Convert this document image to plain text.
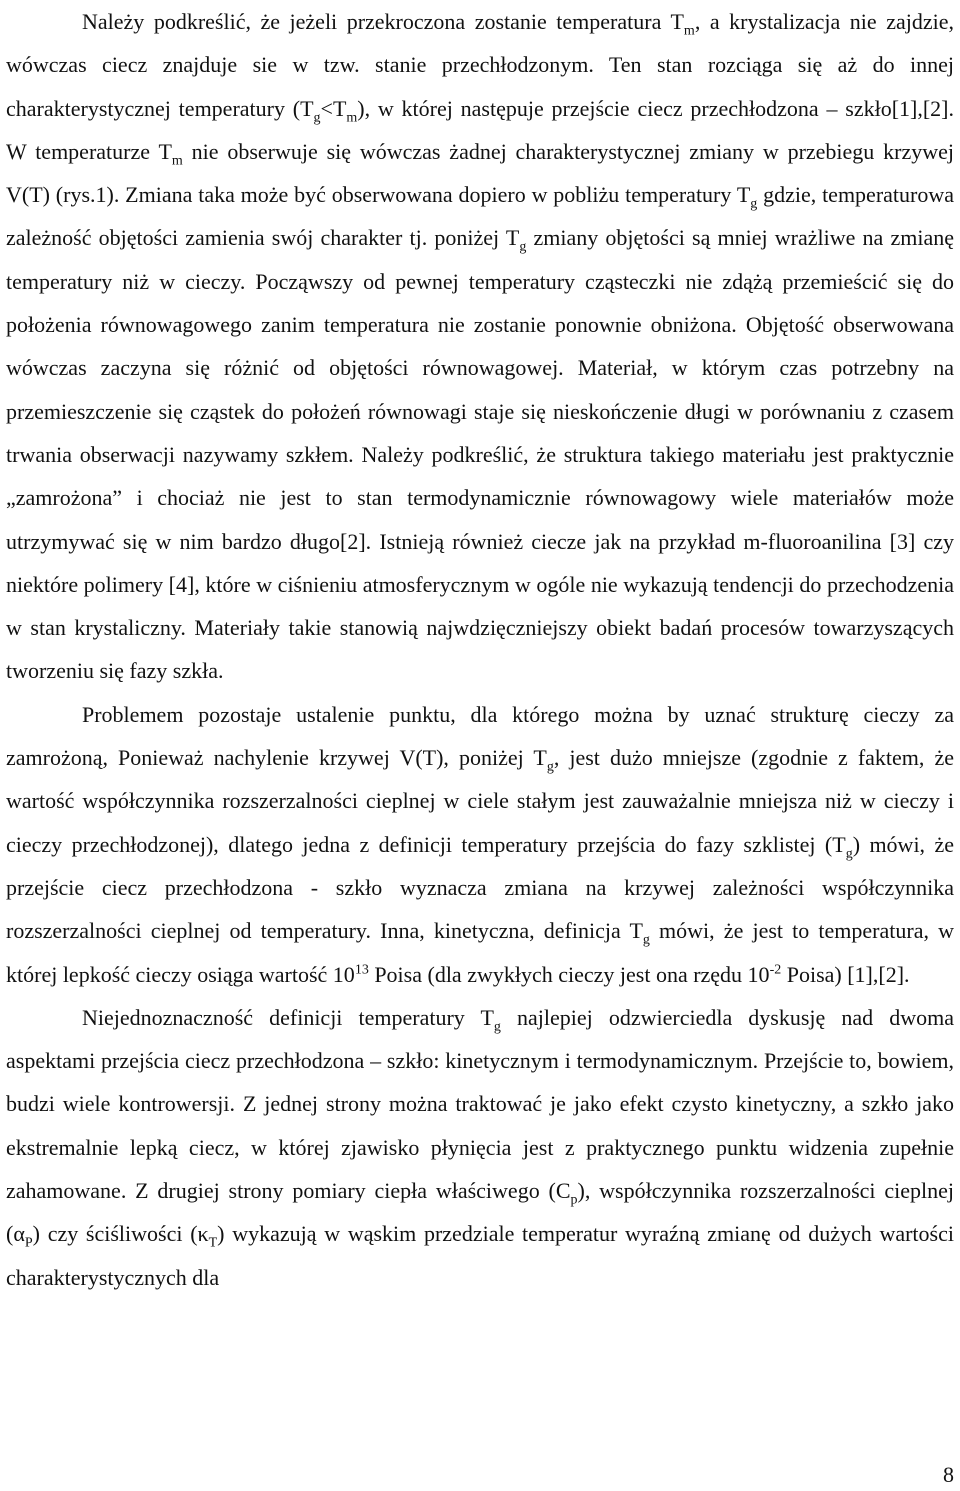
Należy podkreślić, że jeżeli przekroczona zostanie temperatura $T_m$, a krystalizacja nie zajdzie, wówczas ciecz znajduje sie w tzw. stanie przechłodzonym. Ten stan rozciąga się aż do innej charakterystycznej temperatury $(T_g<T_m)$, w której następuje przejście ciecz przechłodzona – szkło[1],[2]. W temperaturze $T_m$ nie obserwuje się wówczas żadnej charakterystycznej zmiany w przebiegu krzywej V(T) (rys.1). Zmiana taka może być obserwowana dopiero w pobliżu temperatury $T_g$ gdzie, temperaturowa zależność objętości zamienia swój charakter tj. poniżej $T_g$ zmiany objętości są mniej wrażliwe na zmianę temperatury niż w cieczy. Począwszy od pewnej temperatury cząsteczki nie zdążą przemieścić się do położenia równowagowego zanim temperatura nie zostanie ponownie obniżona. Objętość obserwowana wówczas zaczyna się różnić od objętości równowagowej. Materiał, w którym czas potrzebny na przemieszczenie się cząstek do położeń równowagi staje się nieskończenie długi w porównaniu z czasem trwania obserwacji nazywamy szkłem. Należy podkreślić, że struktura takiego materiału jest praktycznie „zamrożona” i chociaż nie jest to stan termodynamicznie równowagowy wiele materiałów może utrzymywać się w nim bardzo długo[2]. Istnieją również ciecze jak na przykład m-fluoroanilina [3] czy niektóre polimery [4], które w ciśnieniu atmosferycznym w ogóle nie wykazują tendencji do przechodzenia w stan krystaliczny. Materiały takie stanowią najwdzięczniejszy obiekt badań procesów towarzyszących tworzeniu się fazy szkła.

Problemem pozostaje ustalenie punktu, dla którego można by uznać strukturę cieczy za zamrożoną, Ponieważ nachylenie krzywej V(T), poniżej $T_g$, jest dużo mniejsze (zgodnie z faktem, że wartość współczynnika rozszerzalności cieplnej w ciele stałym jest zauważalnie mniejsza niż w cieczy i cieczy przechłodzonej), dlatego jedna z definicji temperatury przejścia do fazy szklistej $(T_g)$ mówi, że przejście ciecz przechłodzona - szkło wyznacza zmiana na krzywej zależności współczynnika rozszerzalności cieplnej od temperatury. Inna, kinetyczna, definicja $T_g$ mówi, że jest to temperatura, w której lepkość cieczy osiąga wartość $10^{13}$ Poisa (dla zwykłych cieczy jest ona rzędu $10^{-2}$ Poisa) [1],[2].

Niejednoznaczność definicji temperatury $T_g$ najlepiej odzwierciedla dyskusję nad dwoma aspektami przejścia ciecz przechłodzona – szkło: kinetycznym i termodynamicznym. Przejście to, bowiem, budzi wiele kontrowersji. Z jednej strony można traktować je jako efekt czysto kinetyczny, a szkło jako ekstremalnie lepką ciecz, w której zjawisko płynięcia jest z praktycznego punktu widzenia zupełnie zahamowane. Z drugiej strony pomiary ciepła właściwego $(C_p)$, współczynnika rozszerzalności cieplnej $(\alpha_P)$ czy ściśliwości $(\kappa_T)$ wykazują w wąskim przedziale temperatur wyraźną zmianę od dużych wartości charakterystycznych dla

8
